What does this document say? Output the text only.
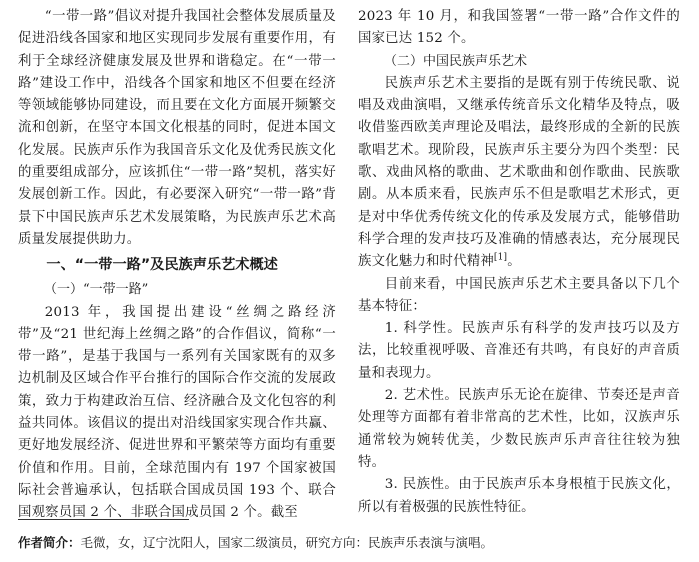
“一带一路”倡议对提升我国社会整体发展质量及促进沿线各国家和地区实现同步发展有重要作用，有利于全球经济健康发展及世界和谐稳定。在“一带一路”建设工作中，沿线各个国家和地区不但要在经济等领域能够协同建设，而且要在文化方面展开频繁交流和创新，在坚守本国文化根基的同时，促进本国文化发展。民族声乐作为我国音乐文化及优秀民族文化的重要组成部分，应该抓住“一带一路”契机，落实好发展创新工作。因此，有必要深入研究“一带一路”背景下中国民族声乐艺术发展策略，为民族声乐艺术高质量发展提供助力。

一、“一带一路”及民族声乐艺术概述
（一）“一带一路”

2013 年，我国提出建设“丝绸之路经济带”及“21 世纪海上丝绸之路”的合作倡议，简称“一带一路”，是基于我国与一系列有关国家既有的双多边机制及区域合作平台推行的国际合作交流的发展政策，致力于构建政治互信、经济融合及文化包容的利益共同体。该倡议的提出对沿线国家实现合作共赢、更好地发展经济、促进世界和平繁荣等方面均有重要价值和作用。目前，全球范围内有 197 个国家被国际社会普遍承认，包括联合国成员国 193 个、联合国观察员国 2 个、非联合国成员国 2 个。截至

2023 年 10 月，和我国签署“一带一路”合作文件的国家已达 152 个。

（二）中国民族声乐艺术

民族声乐艺术主要指的是既有别于传统民歌、说唱及戏曲演唱，又继承传统音乐文化精华及特点，吸收借鉴西欧美声理论及唱法，最终形成的全新的民族歌唱艺术。现阶段，民族声乐主要分为四个类型：民歌、戏曲风格的歌曲、艺术歌曲和创作歌曲、民族歌剧。从本质来看，民族声乐不但是歌唱艺术形式，更是对中华优秀传统文化的传承及发展方式，能够借助科学合理的发声技巧及准确的情感表达，充分展现民族文化魅力和时代精神[1]。

目前来看，中国民族声乐艺术主要具备以下几个基本特征：

1. 科学性。民族声乐有科学的发声技巧以及方法，比较重视呼吸、音准还有共鸣，有良好的声音质量和表现力。

2. 艺术性。民族声乐无论在旋律、节奏还是声音处理等方面都有着非常高的艺术性，比如，汉族声乐通常较为婉转优美，少数民族声乐声音往往较为独特。

3. 民族性。由于民族声乐本身根植于民族文化，所以有着极强的民族性特征。

作者简介：毛微，女，辽宁沈阳人，国家二级演员，研究方向：民族声乐表演与演唱。
